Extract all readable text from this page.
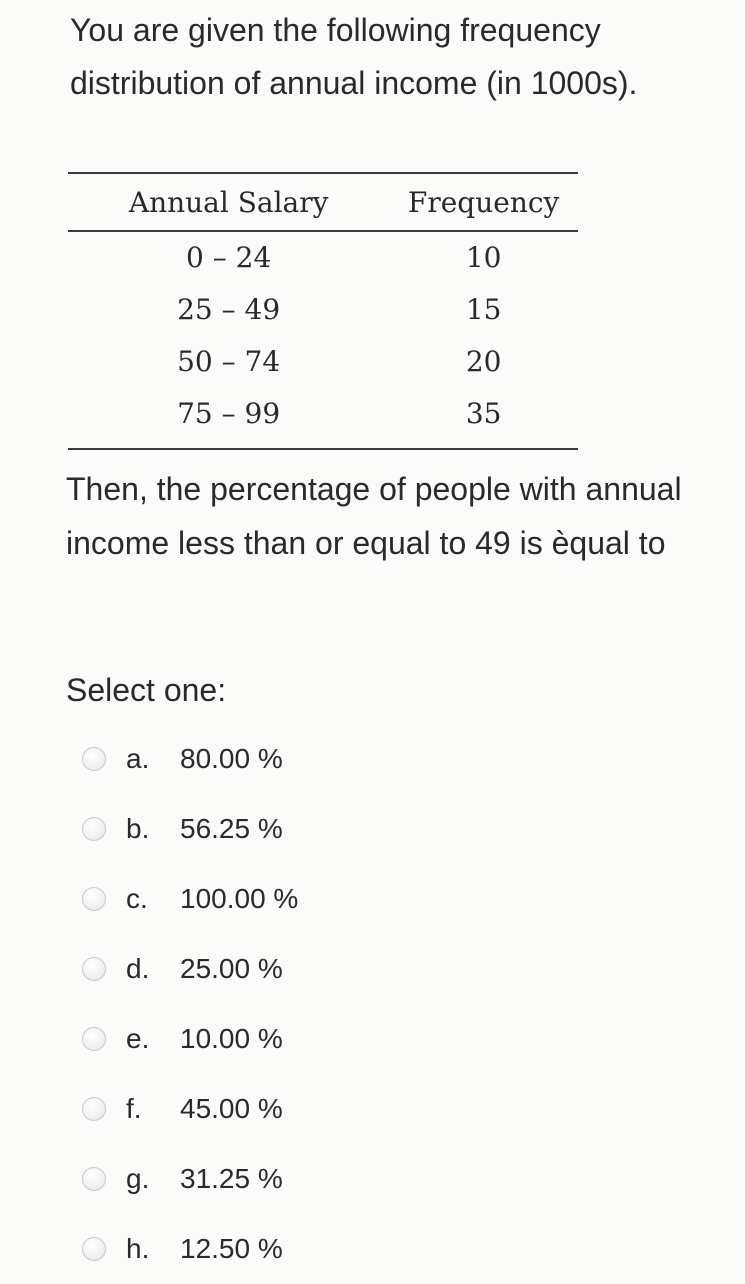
You are given the following frequency distribution of annual income (in 1000s).
Annual Salary	Frequency

0 – 24	10
25 – 49	15
50 – 74	20
75 – 99	35
Then, the percentage of people with annual income less than or equal to 49 is èqual to
Select one:
a.	80.00 %
b.	56.25 %
c.	100.00 %
d.	25.00 %
e.	10.00 %
f.	45.00 %
g.	31.25 %
h.	12.50 %
